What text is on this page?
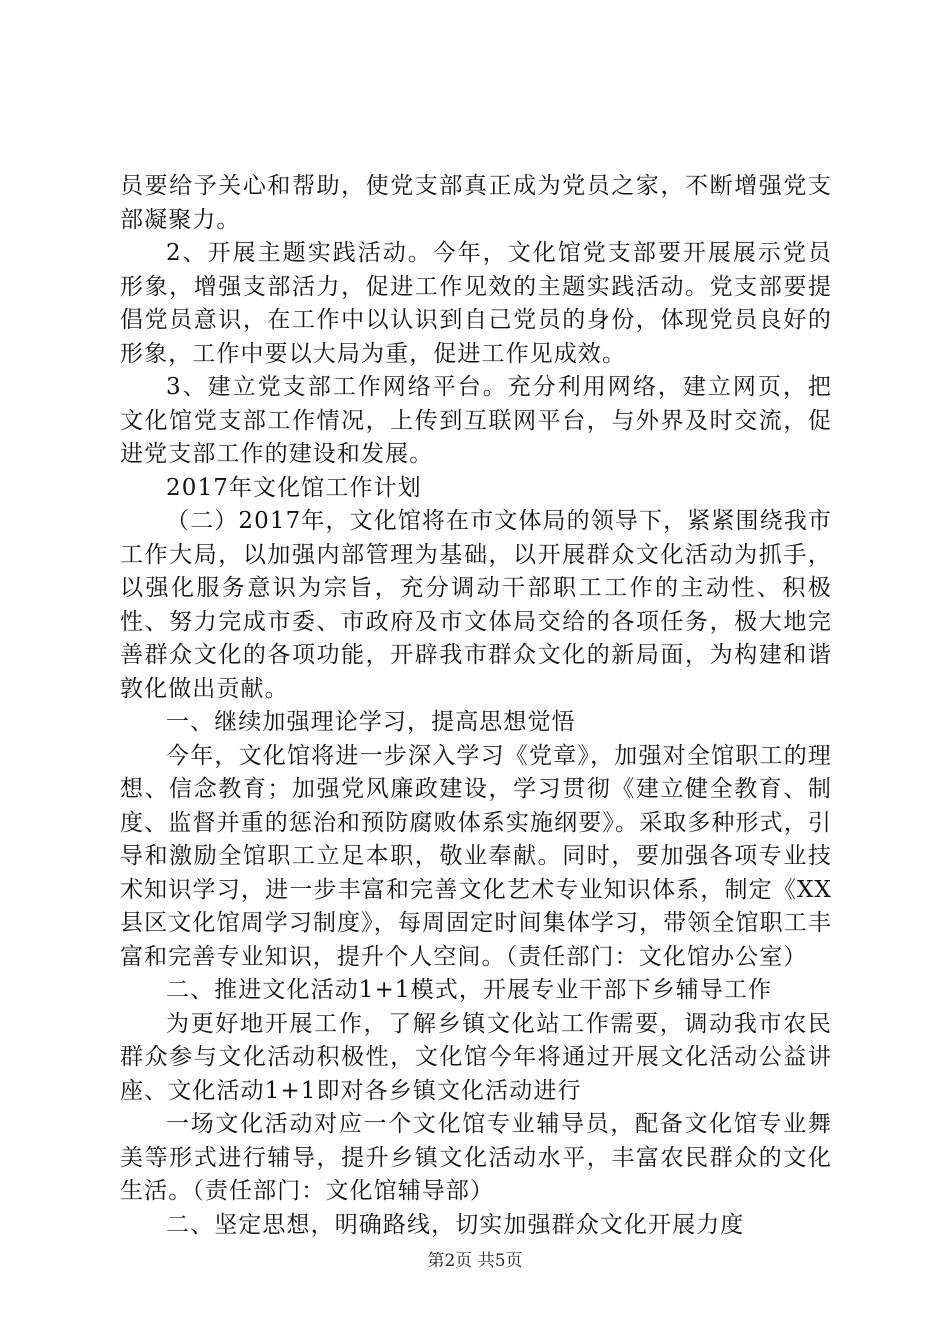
员要给予关心和帮助，使党支部真正成为党员之家，不断增强党支部凝聚力。

2、开展主题实践活动。今年，文化馆党支部要开展展示党员形象，增强支部活力，促进工作见效的主题实践活动。党支部要提倡党员意识，在工作中以认识到自己党员的身份，体现党员良好的形象，工作中要以大局为重，促进工作见成效。

3、建立党支部工作网络平台。充分利用网络，建立网页，把文化馆党支部工作情况，上传到互联网平台，与外界及时交流，促进党支部工作的建设和发展。

2017年文化馆工作计划

（二）2017年，文化馆将在市文体局的领导下，紧紧围绕我市工作大局，以加强内部管理为基础，以开展群众文化活动为抓手，以强化服务意识为宗旨，充分调动干部职工工作的主动性、积极性、努力完成市委、市政府及市文体局交给的各项任务，极大地完善群众文化的各项功能，开辟我市群众文化的新局面，为构建和谐敦化做出贡献。

一、继续加强理论学习，提高思想觉悟

今年，文化馆将进一步深入学习《党章》，加强对全馆职工的理想、信念教育；加强党风廉政建设，学习贯彻《建立健全教育、制度、监督并重的惩治和预防腐败体系实施纲要》。采取多种形式，引导和激励全馆职工立足本职，敬业奉献。同时，要加强各项专业技术知识学习，进一步丰富和完善文化艺术专业知识体系，制定《XX县区文化馆周学习制度》，每周固定时间集体学习，带领全馆职工丰富和完善专业知识，提升个人空间。（责任部门：文化馆办公室）

二、推进文化活动1+1模式，开展专业干部下乡辅导工作

为更好地开展工作，了解乡镇文化站工作需要，调动我市农民群众参与文化活动积极性，文化馆今年将通过开展文化活动公益讲座、文化活动1+1即对各乡镇文化活动进行

一场文化活动对应一个文化馆专业辅导员，配备文化馆专业舞美等形式进行辅导，提升乡镇文化活动水平，丰富农民群众的文化生活。（责任部门：文化馆辅导部）

二、坚定思想，明确路线，切实加强群众文化开展力度

第2页 共5页
